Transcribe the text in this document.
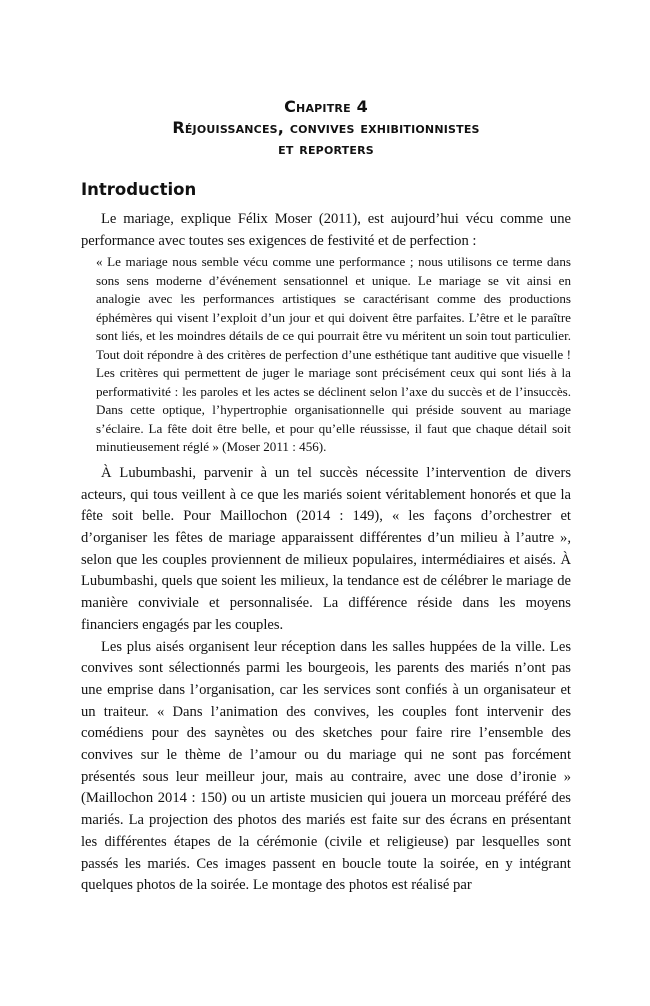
Chapitre 4
Réjouissances, convives exhibitionnistes
et reporters
Introduction

Le mariage, explique Félix Moser (2011), est aujourd’hui vécu comme une performance avec toutes ses exigences de festivité et de perfection :

« Le mariage nous semble vécu comme une performance ; nous utilisons ce terme dans sons sens moderne d’événement sensationnel et unique. Le mariage se vit ainsi en analogie avec les performances artistiques se caractérisant comme des productions éphémères qui visent l’exploit d’un jour et qui doivent être parfaites. L’être et le paraître sont liés, et les moindres détails de ce qui pourrait être vu méritent un soin tout particulier. Tout doit répondre à des critères de perfection d’une esthétique tant auditive que visuelle ! Les critères qui permettent de juger le mariage sont précisément ceux qui sont liés à la performativité : les paroles et les actes se déclinent selon l’axe du succès et de l’insuccès. Dans cette optique, l’hypertrophie organisationnelle qui préside souvent au mariage s’éclaire. La fête doit être belle, et pour qu’elle réussisse, il faut que chaque détail soit minutieusement réglé » (Moser 2011 : 456).

À Lubumbashi, parvenir à un tel succès nécessite l’intervention de divers acteurs, qui tous veillent à ce que les mariés soient véritablement honorés et que la fête soit belle. Pour Maillochon (2014 : 149), « les façons d’orchestrer et d’organiser les fêtes de mariage apparaissent différentes d’un milieu à l’autre », selon que les couples proviennent de milieux populaires, intermédiaires et aisés. À Lubumbashi, quels que soient les milieux, la tendance est de célébrer le mariage de manière conviviale et personnalisée. La différence réside dans les moyens financiers engagés par les couples.

Les plus aisés organisent leur réception dans les salles huppées de la ville. Les convives sont sélectionnés parmi les bourgeois, les parents des mariés n’ont pas une emprise dans l’organisation, car les services sont confiés à un organisateur et un traiteur. « Dans l’animation des convives, les couples font intervenir des comédiens pour des saynètes ou des sketches pour faire rire l’ensemble des convives sur le thème de l’amour ou du mariage qui ne sont pas forcément présentés sous leur meilleur jour, mais au contraire, avec une dose d’ironie » (Maillochon 2014 : 150) ou un artiste musicien qui jouera un morceau préféré des mariés. La projection des photos des mariés est faite sur des écrans en présentant les différentes étapes de la cérémonie (civile et religieuse) par lesquelles sont passés les mariés. Ces images passent en boucle toute la soirée, en y intégrant quelques photos de la soirée. Le montage des photos est réalisé par
